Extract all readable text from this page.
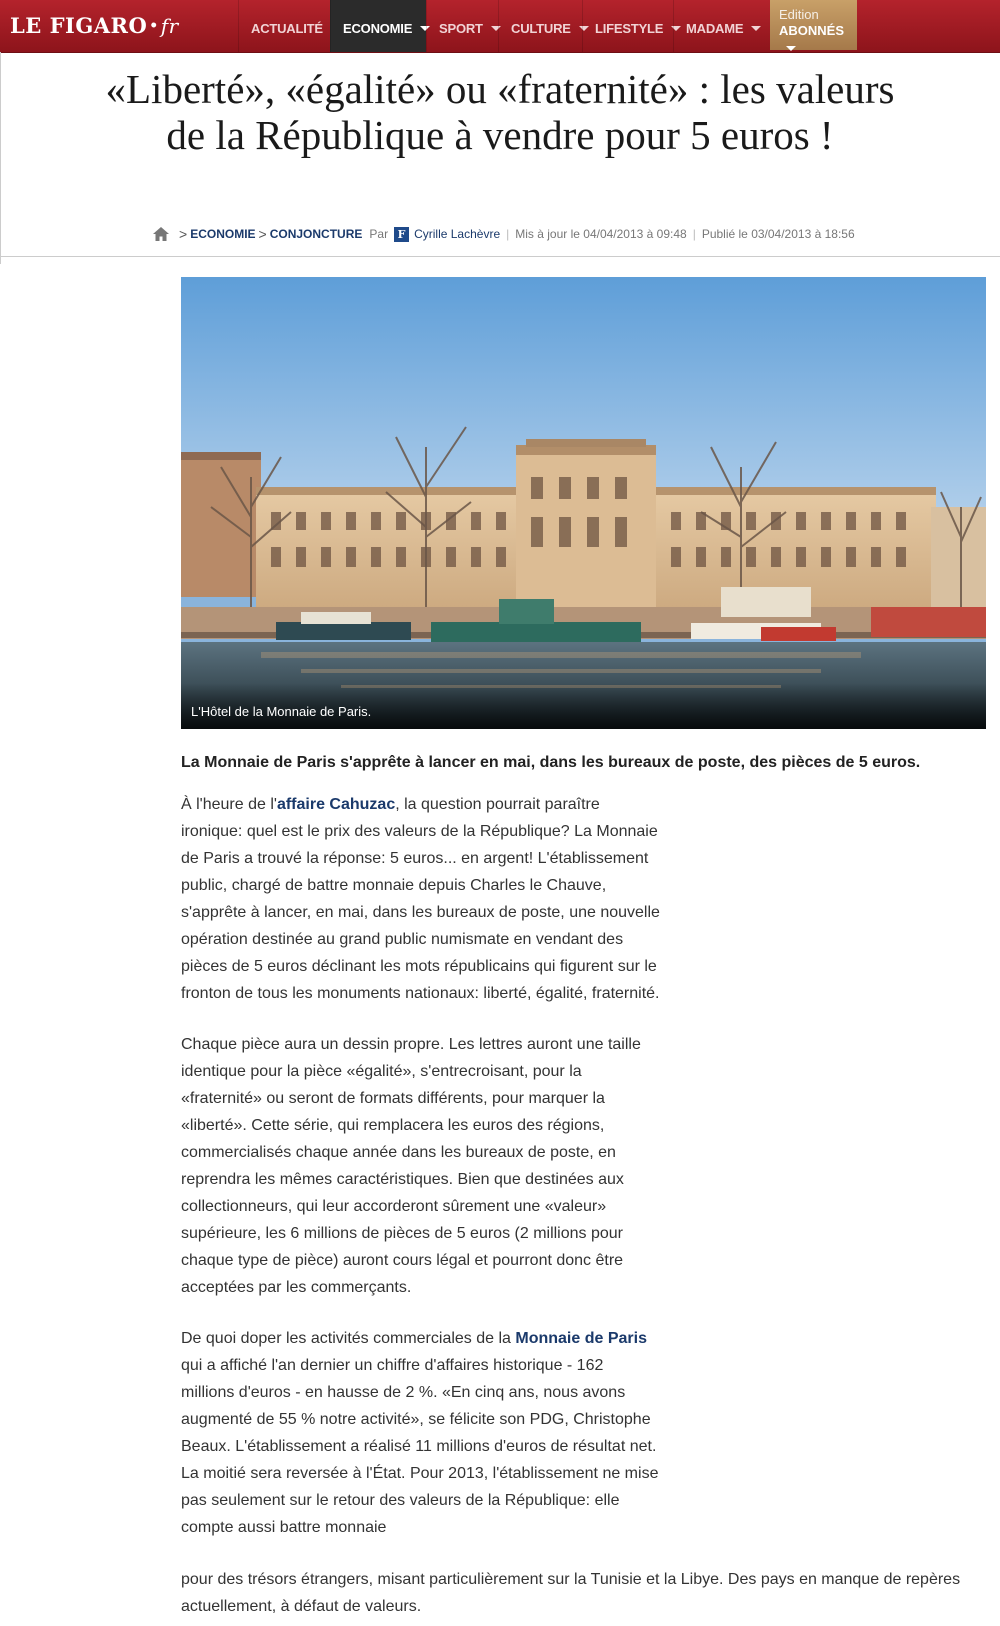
LE FIGARO • fr	ACTUALITÉ	ECONOMIE	SPORT	CULTURE	LIFESTYLE	MADAME
Edition
ABONNÉS
«Liberté», «égalité» ou «fraternité» : les valeurs de la République à vendre pour 5 euros !
> ECONOMIE > CONJONCTURE Par F Cyrille Lachèvre | Mis à jour le 04/04/2013 à 09:48 | Publié le 03/04/2013 à 18:56
L'Hôtel de la Monnaie de Paris.

La Monnaie de Paris s'apprête à lancer en mai, dans les bureaux de poste, des pièces de 5 euros.

À l'heure de l'affaire Cahuzac, la question pourrait paraître ironique: quel est le prix des valeurs de la République? La Monnaie de Paris a trouvé la réponse: 5 euros... en argent! L'établissement public, chargé de battre monnaie depuis Charles le Chauve, s'apprête à lancer, en mai, dans les bureaux de poste, une nouvelle opération destinée au grand public numismate en vendant des pièces de 5 euros déclinant les mots républicains qui figurent sur le fronton de tous les monuments nationaux: liberté, égalité, fraternité.

Chaque pièce aura un dessin propre. Les lettres auront une taille identique pour la pièce «égalité», s'entrecroisant, pour la «fraternité» ou seront de formats différents, pour marquer la «liberté». Cette série, qui remplacera les euros des régions, commercialisés chaque année dans les bureaux de poste, en reprendra les mêmes caractéristiques. Bien que destinées aux collectionneurs, qui leur accorderont sûrement une «valeur» supérieure, les 6 millions de pièces de 5 euros (2 millions pour chaque type de pièce) auront cours légal et pourront donc être acceptées par les commerçants.

De quoi doper les activités commerciales de la Monnaie de Paris qui a affiché l'an dernier un chiffre d'affaires historique - 162 millions d'euros - en hausse de 2 %. «En cinq ans, nous avons augmenté de 55 % notre activité», se félicite son PDG, Christophe Beaux. L'établissement a réalisé 11 millions d'euros de résultat net. La moitié sera reversée à l'État. Pour 2013, l'établissement ne mise pas seulement sur le retour des valeurs de la République: elle compte aussi battre monnaie

pour des trésors étrangers, misant particulièrement sur la Tunisie et la Libye. Des pays en manque de repères actuellement, à défaut de valeurs.
